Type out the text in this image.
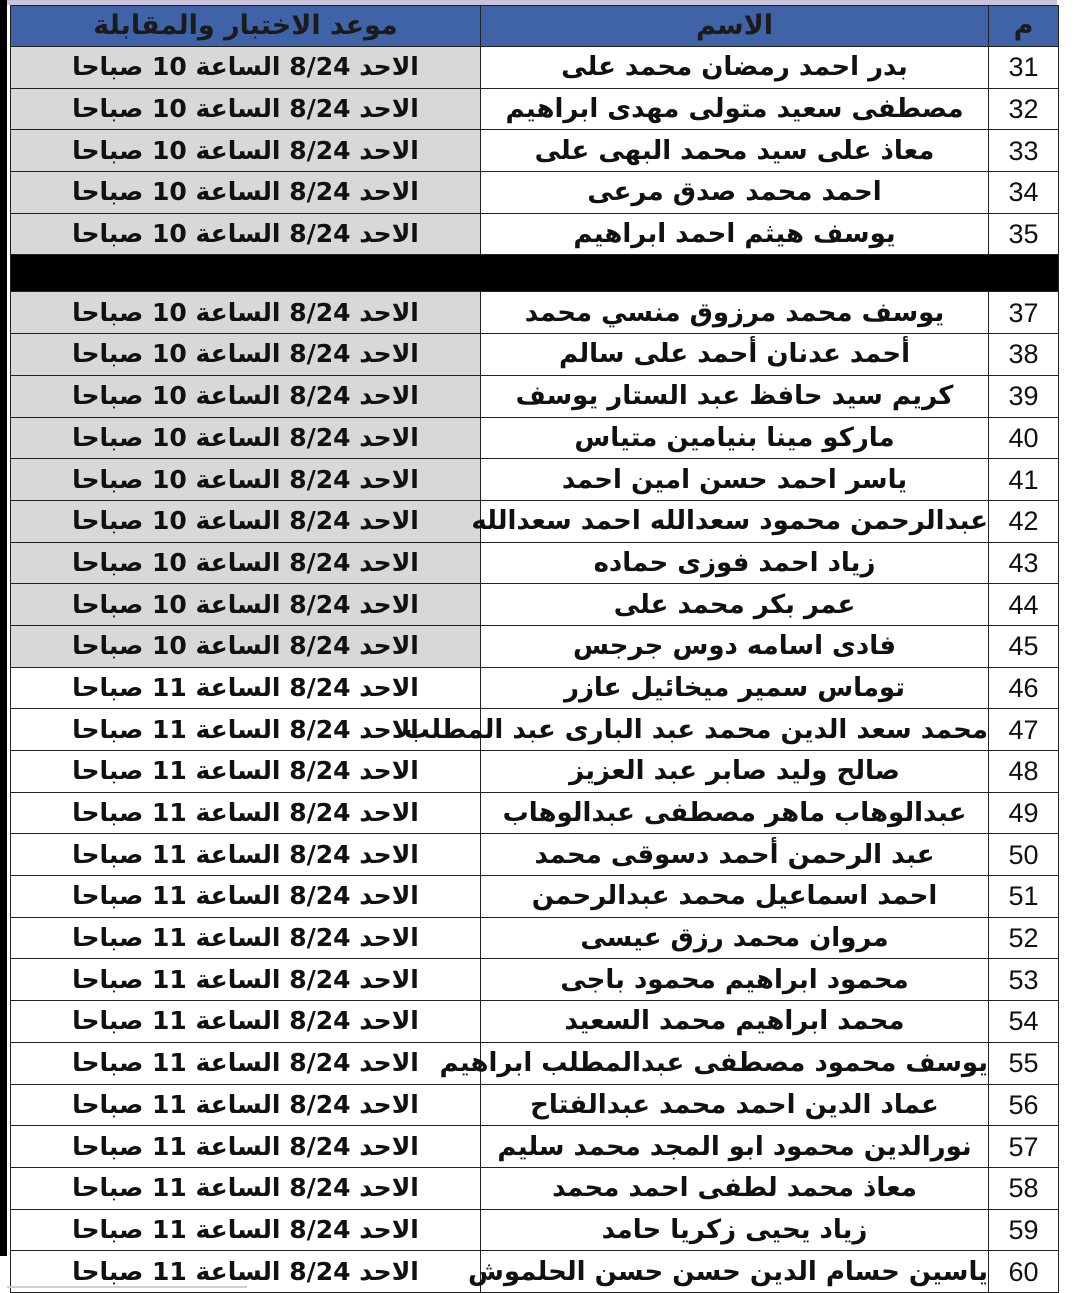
موعد الاختبار والمقابلة	الاسم	م
الاحد 8/24 الساعة 10 صباحا	بدر احمد رمضان محمد على	31
الاحد 8/24 الساعة 10 صباحا	مصطفى سعيد متولى مهدى ابراهيم	32
الاحد 8/24 الساعة 10 صباحا	معاذ على سيد محمد البهى على	33
الاحد 8/24 الساعة 10 صباحا	احمد محمد صدق مرعى	34
الاحد 8/24 الساعة 10 صباحا	يوسف هيثم احمد ابراهيم	35

الاحد 8/24 الساعة 10 صباحا	يوسف محمد مرزوق منسي محمد	37
الاحد 8/24 الساعة 10 صباحا	أحمد عدنان أحمد على سالم	38
الاحد 8/24 الساعة 10 صباحا	كريم سيد حافظ عبد الستار يوسف	39
الاحد 8/24 الساعة 10 صباحا	ماركو مينا بنيامين متياس	40
الاحد 8/24 الساعة 10 صباحا	ياسر احمد حسن امين احمد	41
الاحد 8/24 الساعة 10 صباحا	عبدالرحمن محمود سعدالله احمد سعدالله	42
الاحد 8/24 الساعة 10 صباحا	زياد احمد فوزى حماده	43
الاحد 8/24 الساعة 10 صباحا	عمر بكر محمد على	44
الاحد 8/24 الساعة 10 صباحا	فادى اسامه دوس جرجس	45
الاحد 8/24 الساعة 11 صباحا	توماس سمير ميخائيل عازر	46
الاحد 8/24 الساعة 11 صباحا	محمد سعد الدين محمد عبد البارى عبد المطلب	47
الاحد 8/24 الساعة 11 صباحا	صالح وليد صابر عبد العزيز	48
الاحد 8/24 الساعة 11 صباحا	عبدالوهاب ماهر مصطفى عبدالوهاب	49
الاحد 8/24 الساعة 11 صباحا	عبد الرحمن أحمد دسوقى محمد	50
الاحد 8/24 الساعة 11 صباحا	احمد اسماعيل محمد عبدالرحمن	51
الاحد 8/24 الساعة 11 صباحا	مروان محمد رزق عيسى	52
الاحد 8/24 الساعة 11 صباحا	محمود ابراهيم محمود باجى	53
الاحد 8/24 الساعة 11 صباحا	محمد ابراهيم محمد السعيد	54
الاحد 8/24 الساعة 11 صباحا	يوسف محمود مصطفى عبدالمطلب ابراهيم	55
الاحد 8/24 الساعة 11 صباحا	عماد الدين احمد محمد عبدالفتاح	56
الاحد 8/24 الساعة 11 صباحا	نورالدين محمود ابو المجد محمد سليم	57
الاحد 8/24 الساعة 11 صباحا	معاذ محمد لطفى احمد محمد	58
الاحد 8/24 الساعة 11 صباحا	زياد يحيى زكريا حامد	59
الاحد 8/24 الساعة 11 صباحا	ياسين حسام الدين حسن حسن الحلموش	60
